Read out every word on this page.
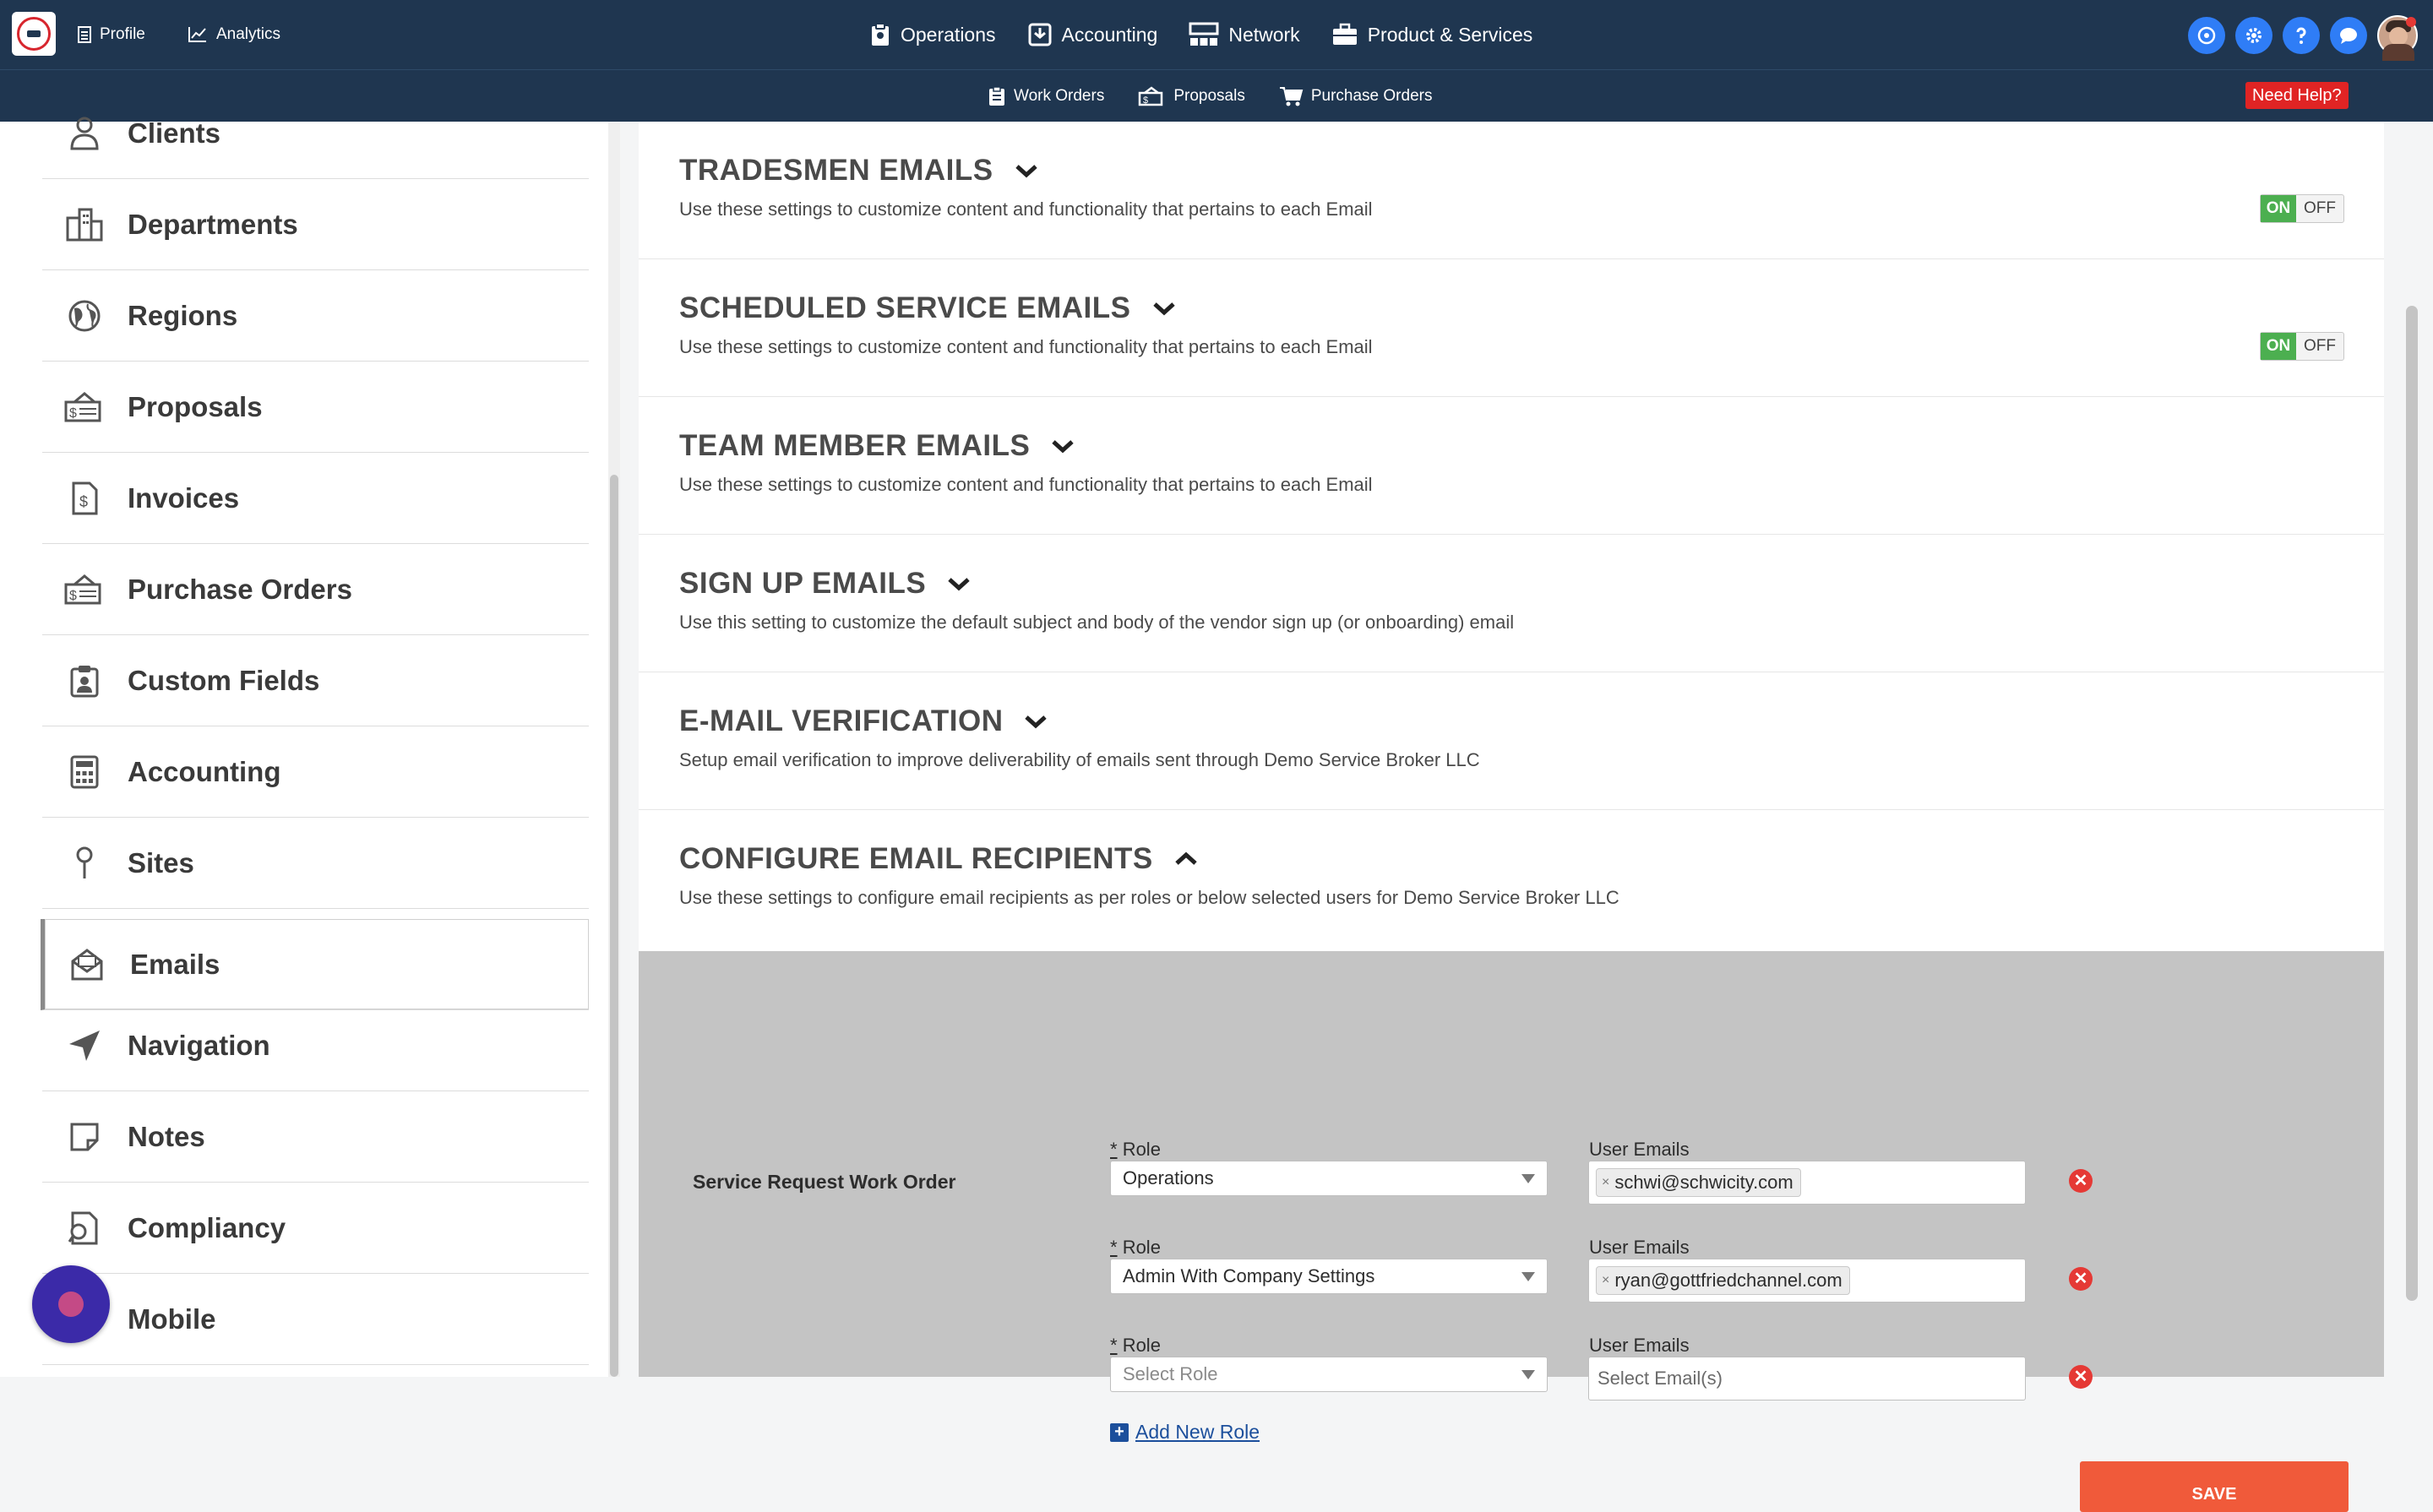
Profile	Analytics	Operations	Accounting	Network	Product & Services
Work Orders	$ Proposals	Purchase Orders	Need Help?
Clients
Departments
Regions
$ Proposals
$ Invoices
$ Purchase Orders
Custom Fields
Accounting
Sites
Emails
Navigation
Notes
Compliancy
Mobile
TRADESMEN EMAILS
Use these settings to customize content and functionality that pertains to each Email	ON OFF
SCHEDULED SERVICE EMAILS
Use these settings to customize content and functionality that pertains to each Email	ON OFF
TEAM MEMBER EMAILS
Use these settings to customize content and functionality that pertains to each Email
SIGN UP EMAILS
Use this setting to customize the default subject and body of the vendor sign up (or onboarding) email
E-MAIL VERIFICATION
Setup email verification to improve deliverability of emails sent through Demo Service Broker LLC
CONFIGURE EMAIL RECIPIENTS
Use these settings to configure email recipients as per roles or below selected users for Demo Service Broker LLC
Service Request Work Order
* Role
Operations
User Emails
× schwi@schwicity.com	✕
* Role
Admin With Company Settings
User Emails
× ryan@gottfriedchannel.com	✕
* Role
Select Role
User Emails
Select Email(s)	✕
+ Add New Role
SAVE
